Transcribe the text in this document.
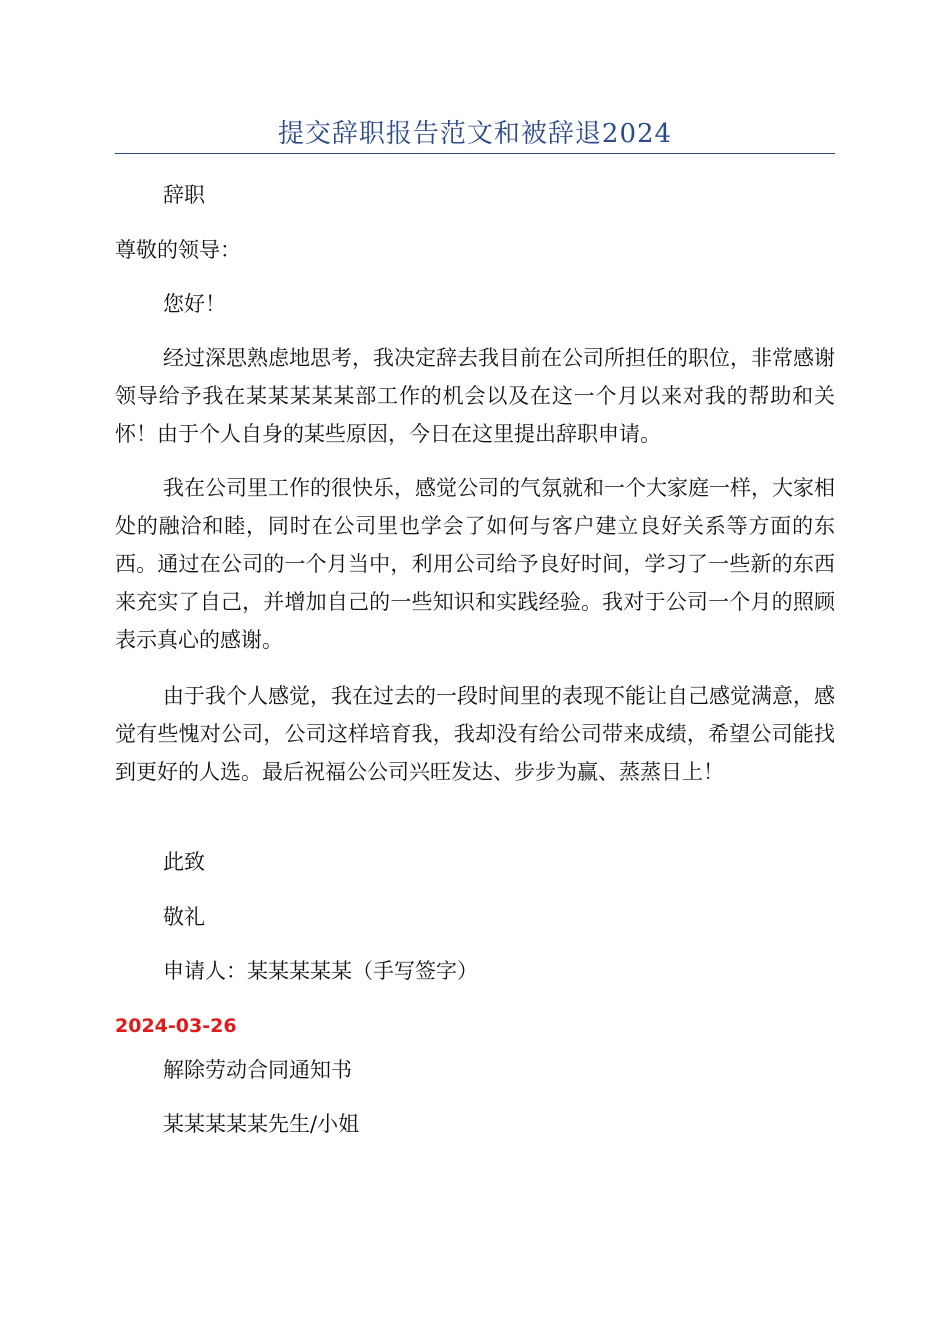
提交辞职报告范文和被辞退2024

辞职

尊敬的领导：

您好！

经过深思熟虑地思考，我决定辞去我目前在公司所担任的职位，非常感谢领导给予我在某某某某某部工作的机会以及在这一个月以来对我的帮助和关怀！由于个人自身的某些原因，今日在这里提出辞职申请。

我在公司里工作的很快乐，感觉公司的气氛就和一个大家庭一样，大家相处的融洽和睦，同时在公司里也学会了如何与客户建立良好关系等方面的东西。通过在公司的一个月当中，利用公司给予良好时间，学习了一些新的东西来充实了自己，并增加自己的一些知识和实践经验。我对于公司一个月的照顾表示真心的感谢。

由于我个人感觉，我在过去的一段时间里的表现不能让自己感觉满意，感觉有些愧对公司，公司这样培育我，我却没有给公司带来成绩，希望公司能找到更好的人选。最后祝福公公司兴旺发达、步步为赢、蒸蒸日上！

此致

敬礼

申请人：某某某某某（手写签字）

2024-03-26

解除劳动合同通知书

某某某某某先生/小姐
